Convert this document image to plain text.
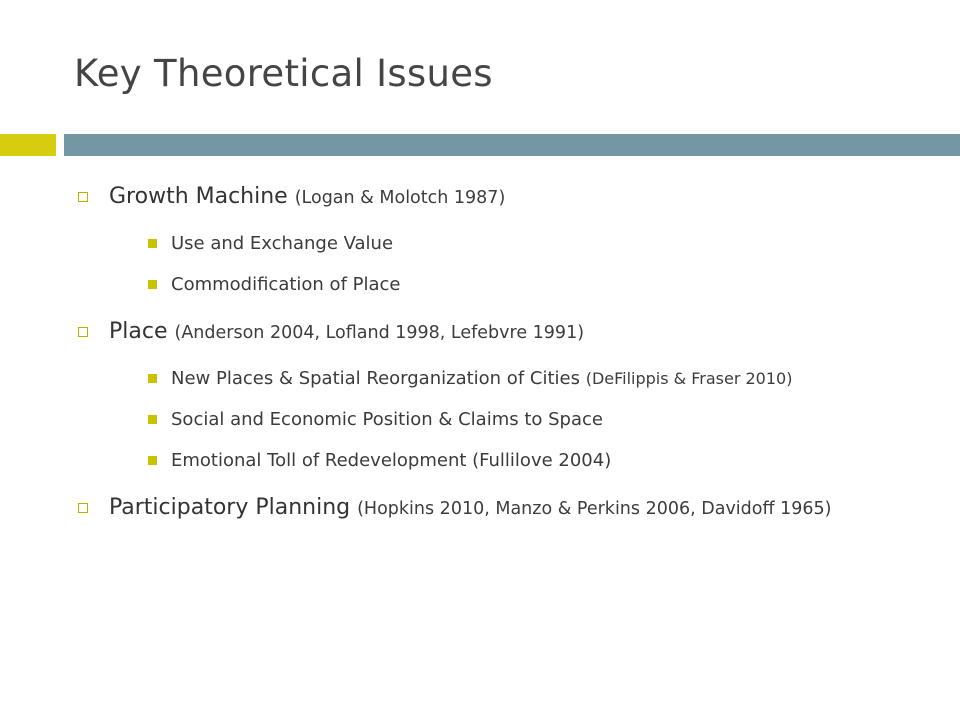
Key Theoretical Issues
Growth Machine (Logan & Molotch 1987)
Use and Exchange Value
Commodification of Place
Place (Anderson 2004, Lofland 1998, Lefebvre 1991)
New Places & Spatial Reorganization of Cities (DeFilippis & Fraser 2010)
Social and Economic Position & Claims to Space
Emotional Toll of Redevelopment (Fullilove 2004)
Participatory Planning (Hopkins 2010, Manzo & Perkins 2006, Davidoff 1965)
